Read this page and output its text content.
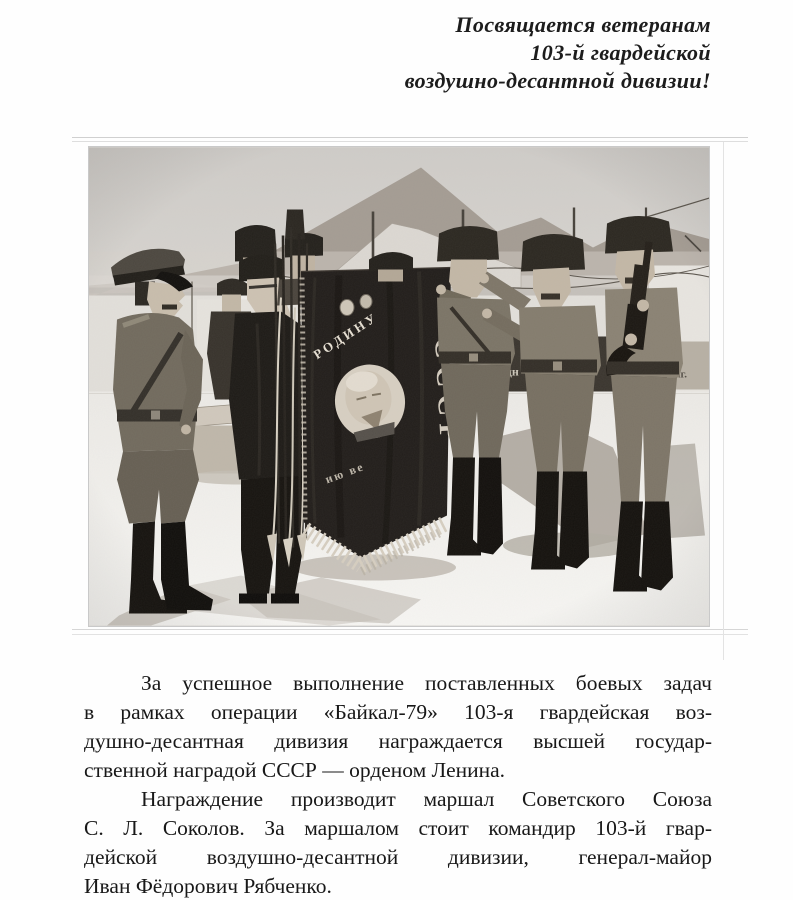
Посвящается ветеранам
103-й гвардейской
воздушно-десантной дивизии!
За успешное выполнение поставленных боевых задач
в рамках операции «Байкал-79» 103-я гвардейская воз-
душно-десантная дивизия награждается высшей государ-
ственной наградой СССР — орденом Ленина.
Награждение производит маршал Советского Союза
С. Л. Соколов. За маршалом стоит командир 103-й гвар-
дейской воздушно-десантной дивизии, генерал-майор
Иван Фёдорович Рябченко.
